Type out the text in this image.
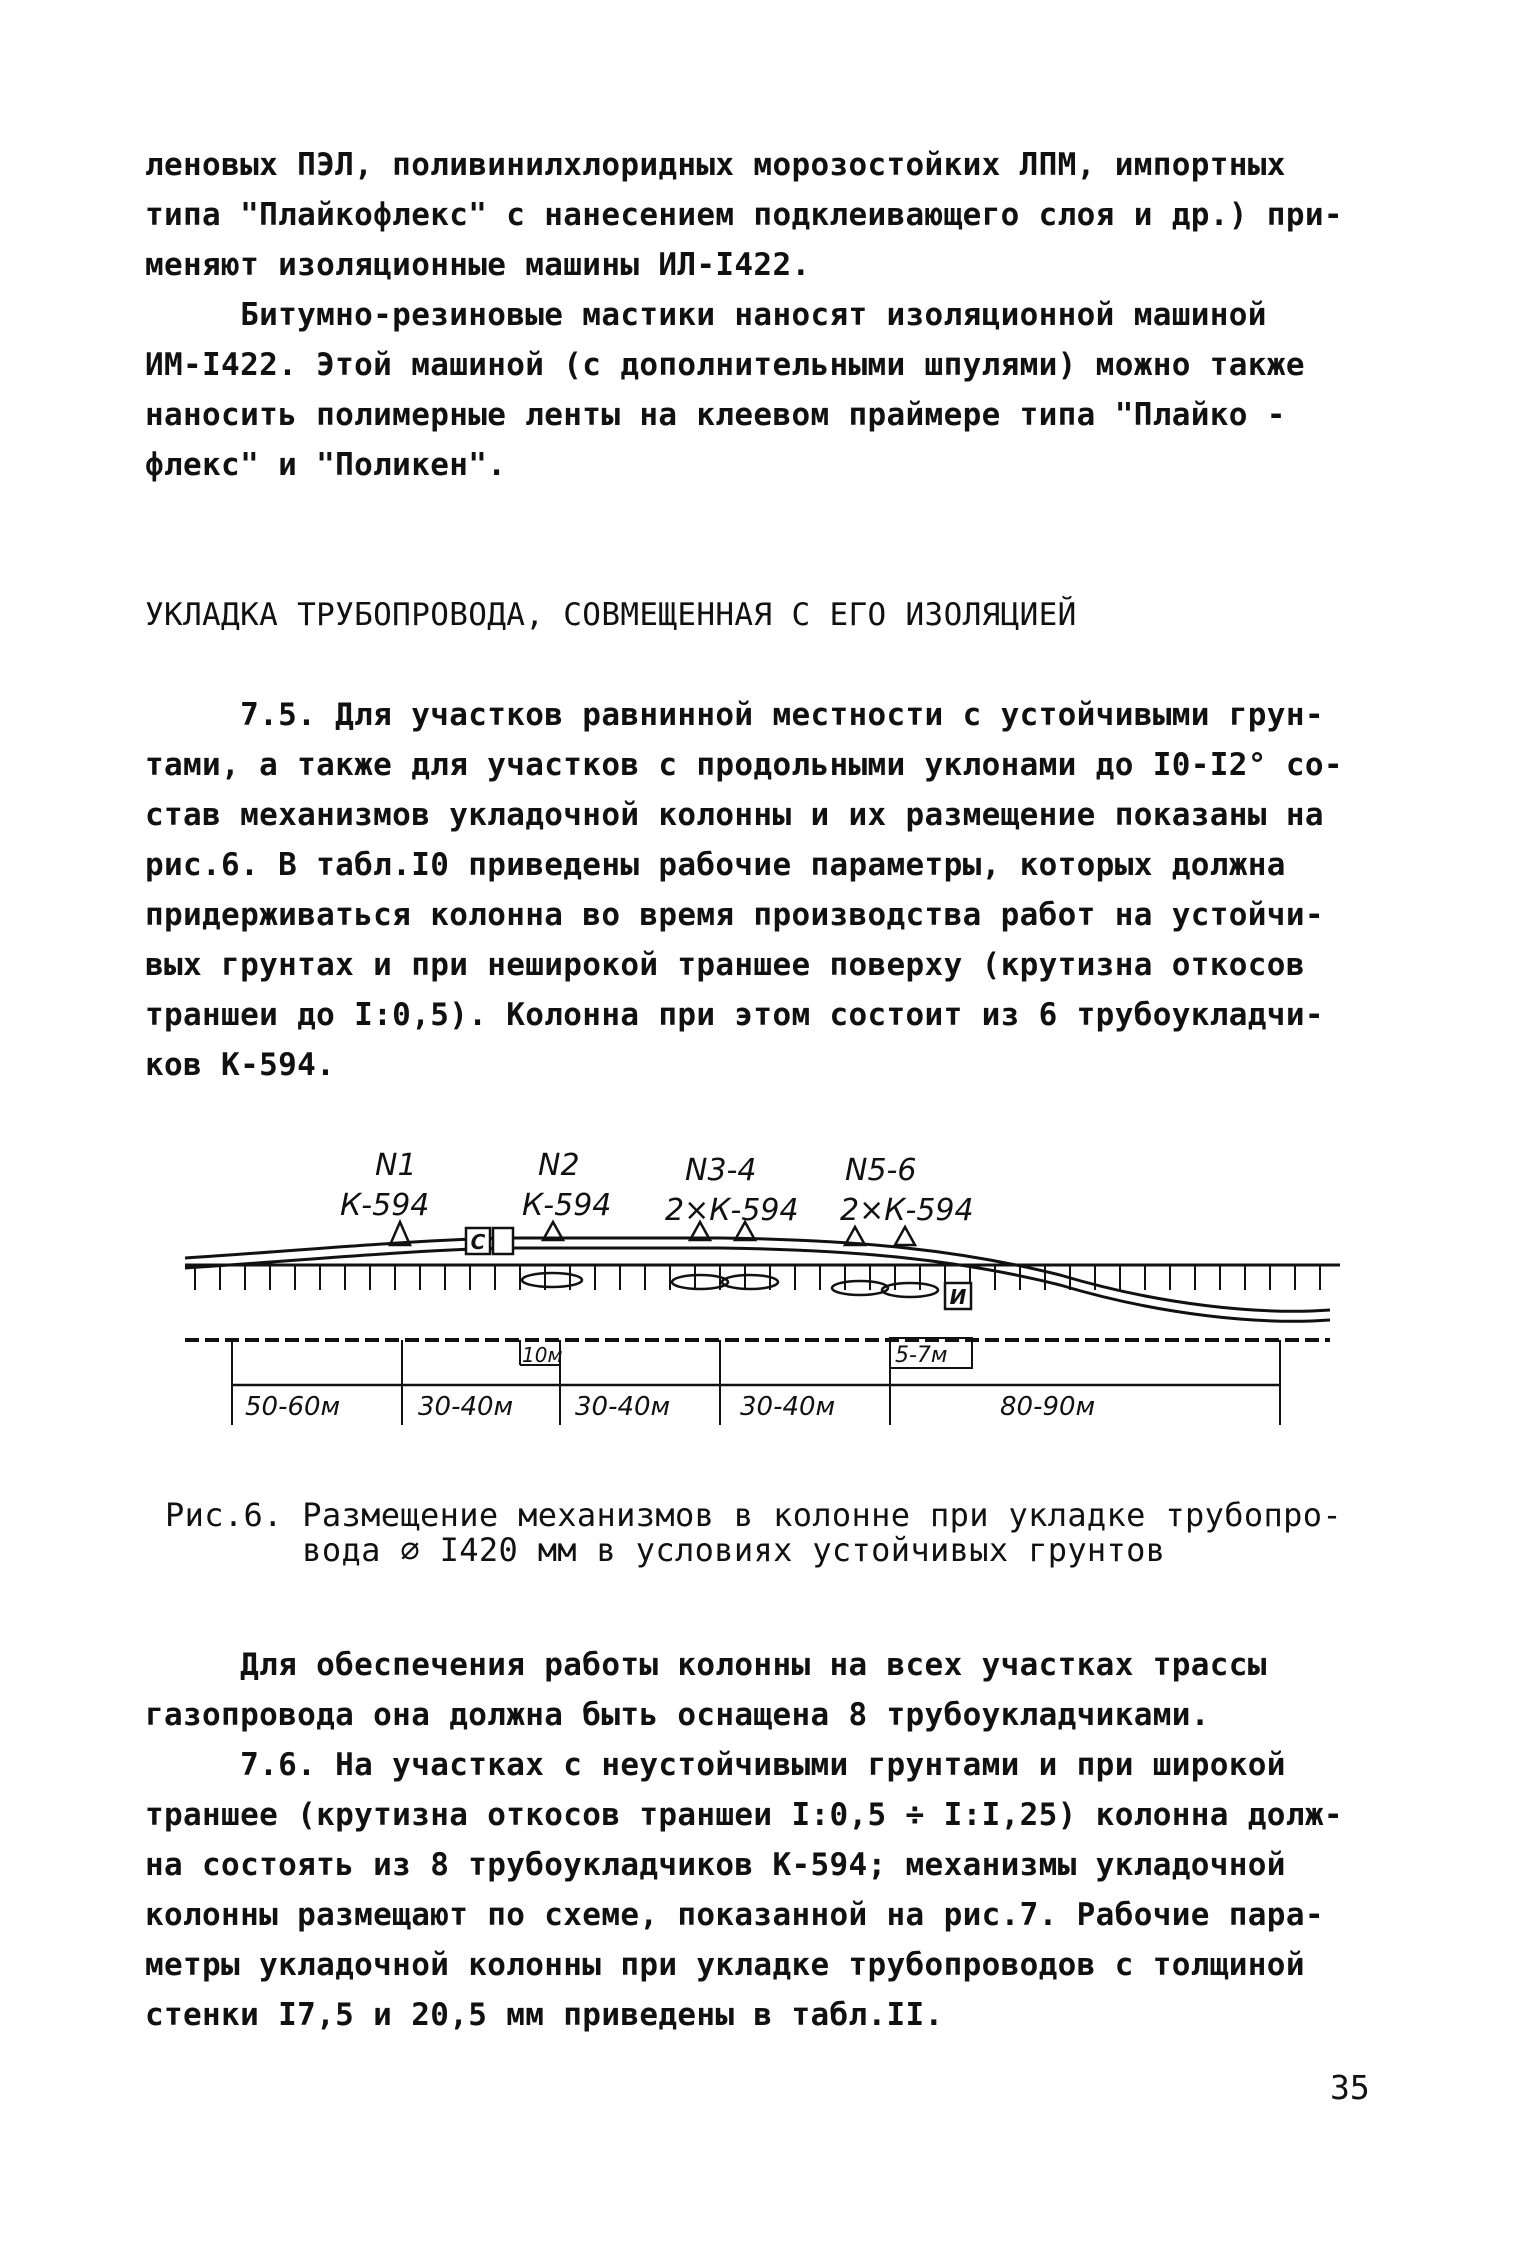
леновых ПЭЛ, поливинилхлоридных морозостойких ЛПМ, импортных
типа "Плайкофлекс" с нанесением подклеивающего слоя и др.) при-
меняют изоляционные машины ИЛ-I422.
Битумно-резиновые мастики наносят изоляционной машиной
ИМ-I422. Этой машиной (с дополнительными шпулями) можно также
наносить полимерные ленты на клеевом праймере типа "Плайко -
флекс" и "Поликен".
УКЛАДКА ТРУБОПРОВОДА, СОВМЕЩЕННАЯ С ЕГО ИЗОЛЯЦИЕЙ
7.5. Для участков равнинной местности с устойчивыми грун-
тами, а также для участков с продольными уклонами до I0-I2° со-
став механизмов укладочной колонны и их размещение показаны на
рис.6. В табл.I0 приведены рабочие параметры, которых должна
придерживаться колонна во время производства работ на устойчи-
вых грунтах и при неширокой траншее поверху (крутизна откосов
траншеи до I:0,5). Колонна при этом состоит из 6 трубоукладчи-
ков К-594.
N1
К-594
N2
К-594
N3-4
2×К-594
N5-6
2×К-594
C
И
10м	5-7м
50-60м	30-40м 30-40м	30-40м	80-90м
Рис.6. Размещение механизмов в колонне при укладке трубопро-
вода ∅ I420 мм в условиях устойчивых грунтов
Для обеспечения работы колонны на всех участках трассы
газопровода она должна быть оснащена 8 трубоукладчиками.
7.6. На участках с неустойчивыми грунтами и при широкой
траншее (крутизна откосов траншеи I:0,5 ÷ I:I,25) колонна долж-
на состоять из 8 трубоукладчиков К-594; механизмы укладочной
колонны размещают по схеме, показанной на рис.7. Рабочие пара-
метры укладочной колонны при укладке трубопроводов с толщиной
стенки I7,5 и 20,5 мм приведены в табл.II.
35
